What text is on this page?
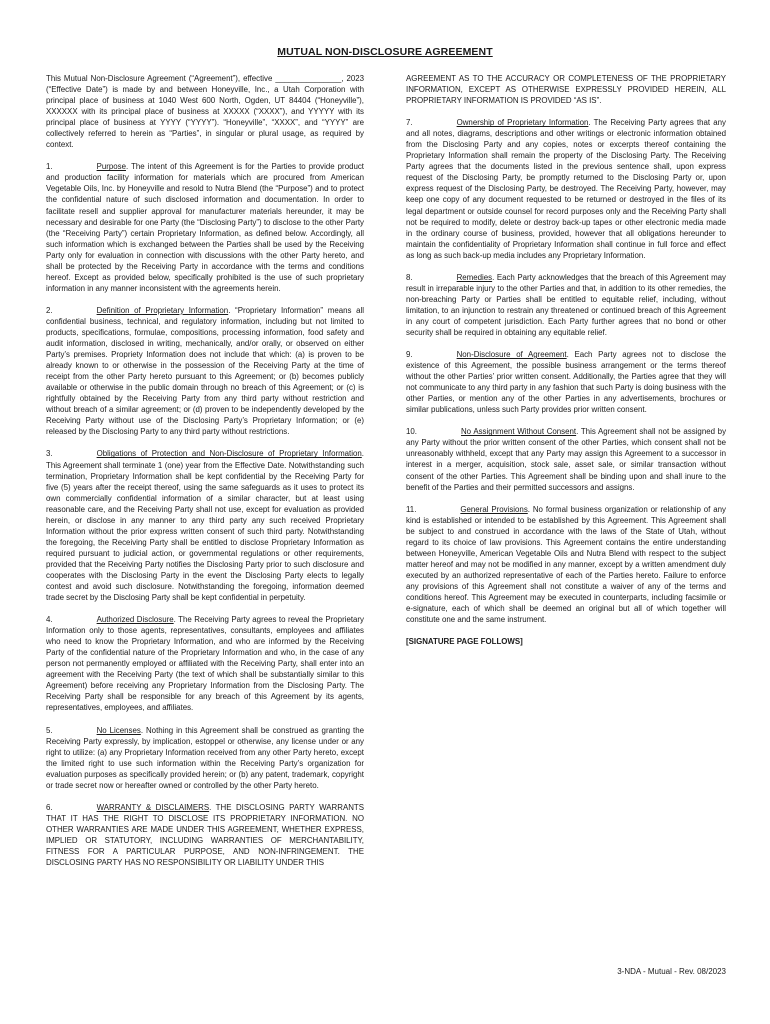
MUTUAL NON-DISCLOSURE AGREEMENT

This Mutual Non-Disclosure Agreement (“Agreement”), effective _______________, 2023 (“Effective Date”) is made by and between Honeyville, Inc., a Utah Corporation with principal place of business at 1040 West 600 North, Ogden, UT 84404 (“Honeyville”), XXXXXX with its principal place of business at XXXXX (“XXXX”), and YYYYY with its principal place of business at YYYY (“YYYY”). “Honeyville”, “XXXX”, and “YYYY” are collectively referred to herein as “Parties”, in singular or plural usage, as required by context.

1.	Purpose. The intent of this Agreement is for the Parties to provide product and production facility information for materials which are procured from American Vegetable Oils, Inc. by Honeyville and resold to Nutra Blend (the “Purpose”) and to protect the confidential nature of such disclosed information and documentation. In order to facilitate resell and supplier approval for manufacturer materials hereunder, it may be necessary and desirable for one Party (the “Disclosing Party”) to disclose to the other Party (the “Receiving Party”) certain Proprietary Information, as defined below. Accordingly, all such information which is exchanged between the Parties shall be used by the Receiving Party only for evaluation in connection with discussions with the other Party hereto, and shall be protected by the Receiving Party in accordance with the terms and conditions hereof. Except as provided below, specifically prohibited is the use of such proprietary information in any manner inconsistent with the agreements herein.

2.	Definition of Proprietary Information. “Proprietary Information” means all confidential business, technical, and regulatory information, including but not limited to products, specifications, formulae, compositions, processing information, food safety and audit information, disclosed in writing, mechanically, and/or orally, or observed on either Party’s premises. Propriety Information does not include that which: (a) is proven to be already known to or otherwise in the possession of the Receiving Party at the time of receipt from the other Party hereto pursuant to this Agreement; or (b) becomes publicly available or otherwise in the public domain through no breach of this Agreement; or (c) is rightfully obtained by the Receiving Party from any third party without restriction and without breach of a similar agreement; or (d) proven to be independently developed by the Receiving Party without use of the Disclosing Party’s Proprietary Information; or (e) released by the Disclosing Party to any third party without restrictions.

3.	Obligations of Protection and Non-Disclosure of Proprietary Information. This Agreement shall terminate 1 (one) year from the Effective Date. Notwithstanding such termination, Proprietary Information shall be kept confidential by the Receiving Party for five (5) years after the receipt thereof, using the same safeguards as it uses to protect its own commercially confidential information of a similar character, but at least using reasonable care, and the Receiving Party shall not use, except for evaluation as provided herein, or disclose in any manner to any third party any such received Proprietary Information without the prior express written consent of such third party. Notwithstanding the foregoing, the Receiving Party shall be entitled to disclose Proprietary Information as required pursuant to judicial action, or governmental regulations or other requirements, provided that the Receiving Party notifies the Disclosing Party prior to such disclosure and cooperates with the Disclosing Party in the event the Disclosing Party elects to legally contest and avoid such disclosure. Notwithstanding the foregoing, information deemed trade secret by the Disclosing Party shall be kept confidential in perpetuity.

4.	Authorized Disclosure. The Receiving Party agrees to reveal the Proprietary Information only to those agents, representatives, consultants, employees and affiliates who need to know the Proprietary Information, and who are informed by the Receiving Party of the confidential nature of the Proprietary Information and who, in the case of any person not permanently employed or affiliated with the Receiving Party, shall enter into an agreement with the Receiving Party (the text of which shall be substantially similar to this Agreement) before receiving any Proprietary Information from the Disclosing Party. The Receiving Party shall be responsible for any breach of this Agreement by its agents, representatives, employees, and affiliates.

5.	No Licenses. Nothing in this Agreement shall be construed as granting the Receiving Party expressly, by implication, estoppel or otherwise, any license under or any right to utilize: (a) any Proprietary Information received from any other Party hereto, except the limited right to use such information within the Receiving Party’s organization for evaluation purposes as specifically provided herein; or (b) any patent, trademark, copyright or trade secret now or hereafter owned or controlled by the other Party hereto.

6.	WARRANTY & DISCLAIMERS. THE DISCLOSING PARTY WARRANTS THAT IT HAS THE RIGHT TO DISCLOSE ITS PROPRIETARY INFORMATION. NO OTHER WARRANTIES ARE MADE UNDER THIS AGREEMENT, WHETHER EXPRESS, IMPLIED OR STATUTORY, INCLUDING WARRANTIES OF MERCHANTABILITY, FITNESS FOR A PARTICULAR PURPOSE, AND NON-INFRINGEMENT. THE DISCLOSING PARTY HAS NO RESPONSIBILITY OR LIABILITY UNDER THIS

AGREEMENT AS TO THE ACCURACY OR COMPLETENESS OF THE PROPRIETARY INFORMATION, EXCEPT AS OTHERWISE EXPRESSLY PROVIDED HEREIN, ALL PROPRIETARY INFORMATION IS PROVIDED “AS IS”.

7.	Ownership of Proprietary Information. The Receiving Party agrees that any and all notes, diagrams, descriptions and other writings or electronic information obtained from the Disclosing Party and any copies, notes or excerpts thereof containing the Proprietary Information shall remain the property of the Disclosing Party. The Receiving Party agrees that the documents listed in the previous sentence shall, upon express request of the Disclosing Party, be promptly returned to the Disclosing Party or, upon express request of the Disclosing Party, be destroyed. The Receiving Party, however, may keep one copy of any document requested to be returned or destroyed in the files of its legal department or outside counsel for record purposes only and the Receiving Party shall not be required to modify, delete or destroy back-up tapes or other electronic media made in the ordinary course of business, provided, however that all obligations hereunder to maintain the confidentiality of Proprietary Information shall continue in full force and effect as long as such back-up media includes any Proprietary Information.

8.	Remedies. Each Party acknowledges that the breach of this Agreement may result in irreparable injury to the other Parties and that, in addition to its other remedies, the non-breaching Party or Parties shall be entitled to equitable relief, including, without limitation, to an injunction to restrain any threatened or continued breach of this Agreement in any court of competent jurisdiction. Each Party further agrees that no bond or other security shall be required in obtaining any equitable relief.

9.	Non-Disclosure of Agreement. Each Party agrees not to disclose the existence of this Agreement, the possible business arrangement or the terms thereof without the other Parties’ prior written consent. Additionally, the Parties agree that they will not communicate to any third party in any fashion that such Party is doing business with the other Parties, or mention any of the other Parties in any advertisements, brochures or similar publications, unless such Party provides prior written consent.

10.	No Assignment Without Consent. This Agreement shall not be assigned by any Party without the prior written consent of the other Parties, which consent shall not be unreasonably withheld, except that any Party may assign this Agreement to a successor in interest in a merger, acquisition, stock sale, asset sale, or similar transaction without consent of the other Parties. This Agreement shall be binding upon and shall inure to the benefit of the Parties and their permitted successors and assigns.

11.	General Provisions. No formal business organization or relationship of any kind is established or intended to be established by this Agreement. This Agreement shall be subject to and construed in accordance with the laws of the State of Utah, without regard to its choice of law provisions. This Agreement contains the entire understanding between Honeyville, American Vegetable Oils and Nutra Blend with respect to the subject matter hereof and may not be modified in any manner, except by a written amendment duly executed by an authorized representative of each of the Parties hereto. Failure to enforce any provisions of this Agreement shall not constitute a waiver of any of the terms and conditions hereof. This Agreement may be executed in counterparts, including facsimile or e-signature, each of which shall be deemed an original but all of which together will constitute one and the same instrument.

[SIGNATURE PAGE FOLLOWS]

3-NDA - Mutual - Rev. 08/2023
